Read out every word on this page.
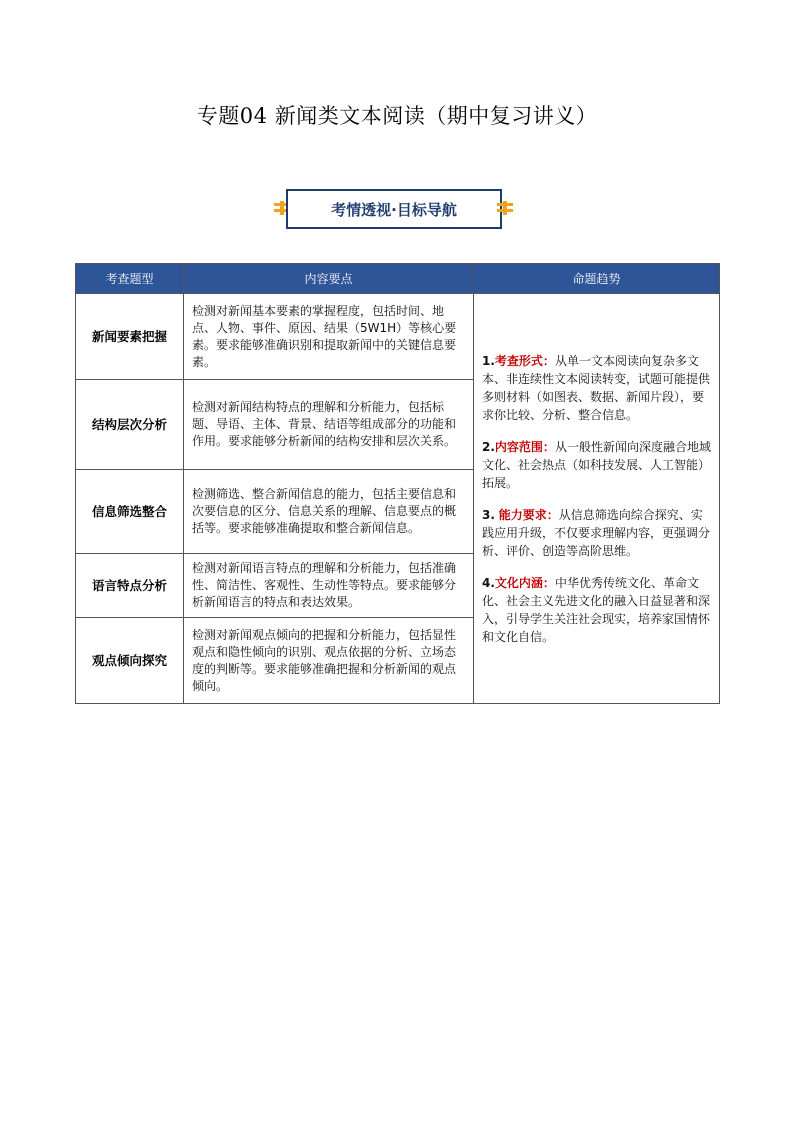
专题04 新闻类文本阅读（期中复习讲义）
考情透视·目标导航
考查题型	内容要点	命题趋势
新闻要素把握	检测对新闻基本要素的掌握程度，包括时间、地点、人物、事件、原因、结果（5W1H）等核心要素。要求能够准确识别和提取新闻中的关键信息要素。	1.考查形式：从单一文本阅读向复杂多文本、非连续性文本阅读转变，试题可能提供多则材料（如图表、数据、新闻片段），要求你比较、分析、整合信息。

2.内容范围：从一般性新闻向深度融合地域文化、社会热点（如科技发展、人工智能）拓展。

3. 能力要求：从信息筛选向综合探究、实践应用升级，不仅要求理解内容，更强调分析、评价、创造等高阶思维。

4.文化内涵：中华优秀传统文化、革命文化、社会主义先进文化的融入日益显著和深入，引导学生关注社会现实，培养家国情怀和文化自信。

结构层次分析	检测对新闻结构特点的理解和分析能力，包括标题、导语、主体、背景、结语等组成部分的功能和作用。要求能够分析新闻的结构安排和层次关系。	
信息筛选整合	检测筛选、整合新闻信息的能力，包括主要信息和次要信息的区分、信息关系的理解、信息要点的概括等。要求能够准确提取和整合新闻信息。	
语言特点分析	检测对新闻语言特点的理解和分析能力，包括准确性、简洁性、客观性、生动性等特点。要求能够分析新闻语言的特点和表达效果。	
观点倾向探究	检测对新闻观点倾向的把握和分析能力，包括显性观点和隐性倾向的识别、观点依据的分析、立场态度的判断等。要求能够准确把握和分析新闻的观点倾向。	
